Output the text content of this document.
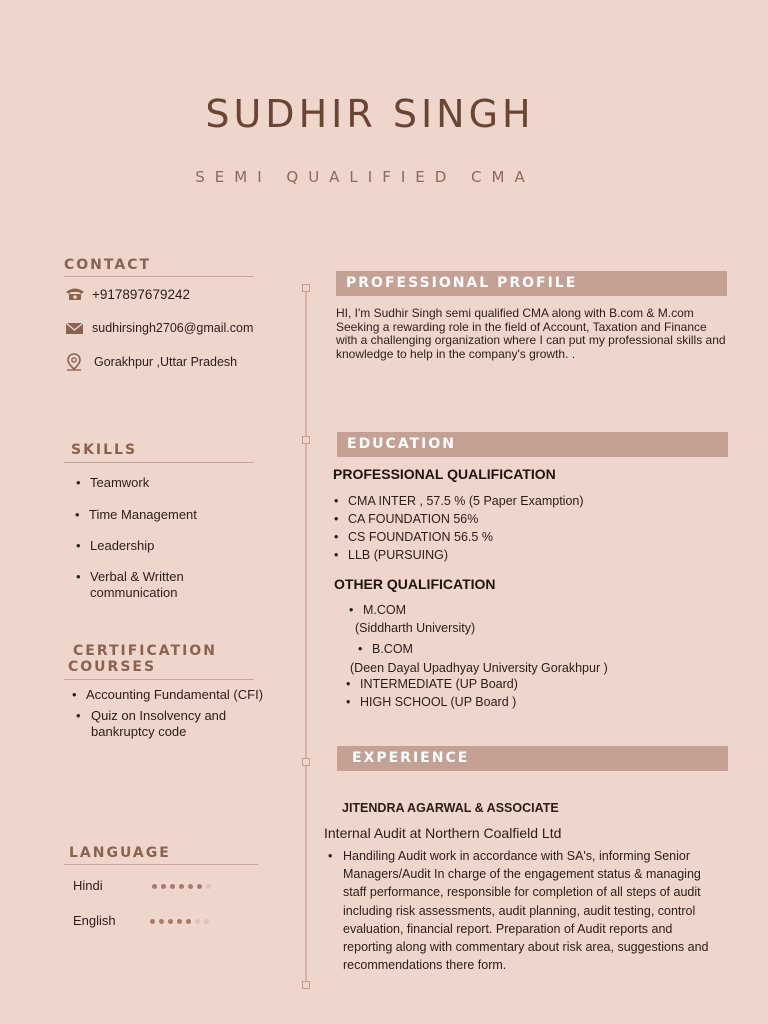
SUDHIR SINGH
SEMI QUALIFIED CMA
CONTACT
+917897679242
sudhirsingh2706@gmail.com
Gorakhpur ,Uttar Pradesh
SKILLS
• Teamwork
• Time Management
• Leadership
• Verbal & Written communication
CERTIFICATION
COURSES
• Accounting Fundamental (CFI)
• Quiz on Insolvency and bankruptcy code
LANGUAGE
Hindi
English
PROFESSIONAL PROFILE
HI, I'm Sudhir Singh semi qualified CMA along with B.com & M.com Seeking a rewarding role in the field of Account, Taxation and Finance with a challenging organization where I can put my professional skills and knowledge to help in the company's growth. .
EDUCATION
PROFESSIONAL QUALIFICATION
• CMA INTER , 57.5 % (5 Paper Examption)
• CA FOUNDATION 56%
• CS FOUNDATION 56.5 %
• LLB (PURSUING)
OTHER QUALIFICATION
• M.COM
(Siddharth University)
• B.COM
(Deen Dayal Upadhyay University Gorakhpur )
• INTERMEDIATE (UP Board)
• HIGH SCHOOL (UP Board )
EXPERIENCE
JITENDRA AGARWAL & ASSOCIATE
Internal Audit at Northern Coalfield Ltd
• Handiling Audit work in accordance with SA's, informing Senior Managers/Audit In charge of the engagement status & managing staff performance, responsible for completion of all steps of audit including risk assessments, audit planning, audit testing, control evaluation, financial report. Preparation of Audit reports and reporting along with commentary about risk area, suggestions and recommendations there form.
